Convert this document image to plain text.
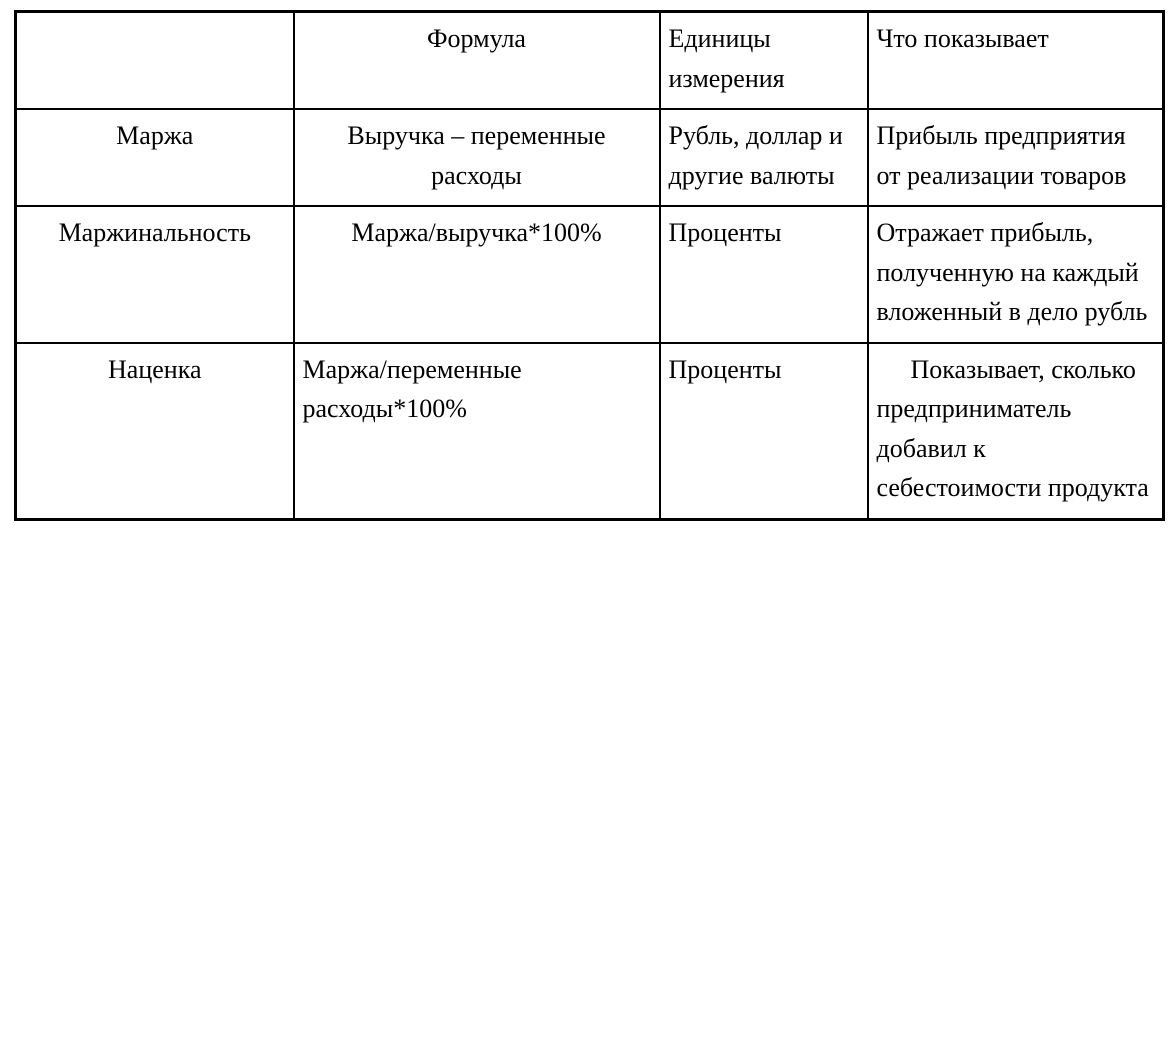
	Формула	Единицы измерения	Что показывает
Маржа	Выручка – переменные расходы	Рубль, доллар и другие валюты	Прибыль предприятия от реализации товаров
Маржинальность	Маржа/выручка*100%	Проценты	Отражает прибыль, полученную на каждый вложенный в дело рубль
Наценка	Маржа/переменные расходы*100%	Проценты	Показывает, сколько предприниматель добавил к себестоимости продукта
